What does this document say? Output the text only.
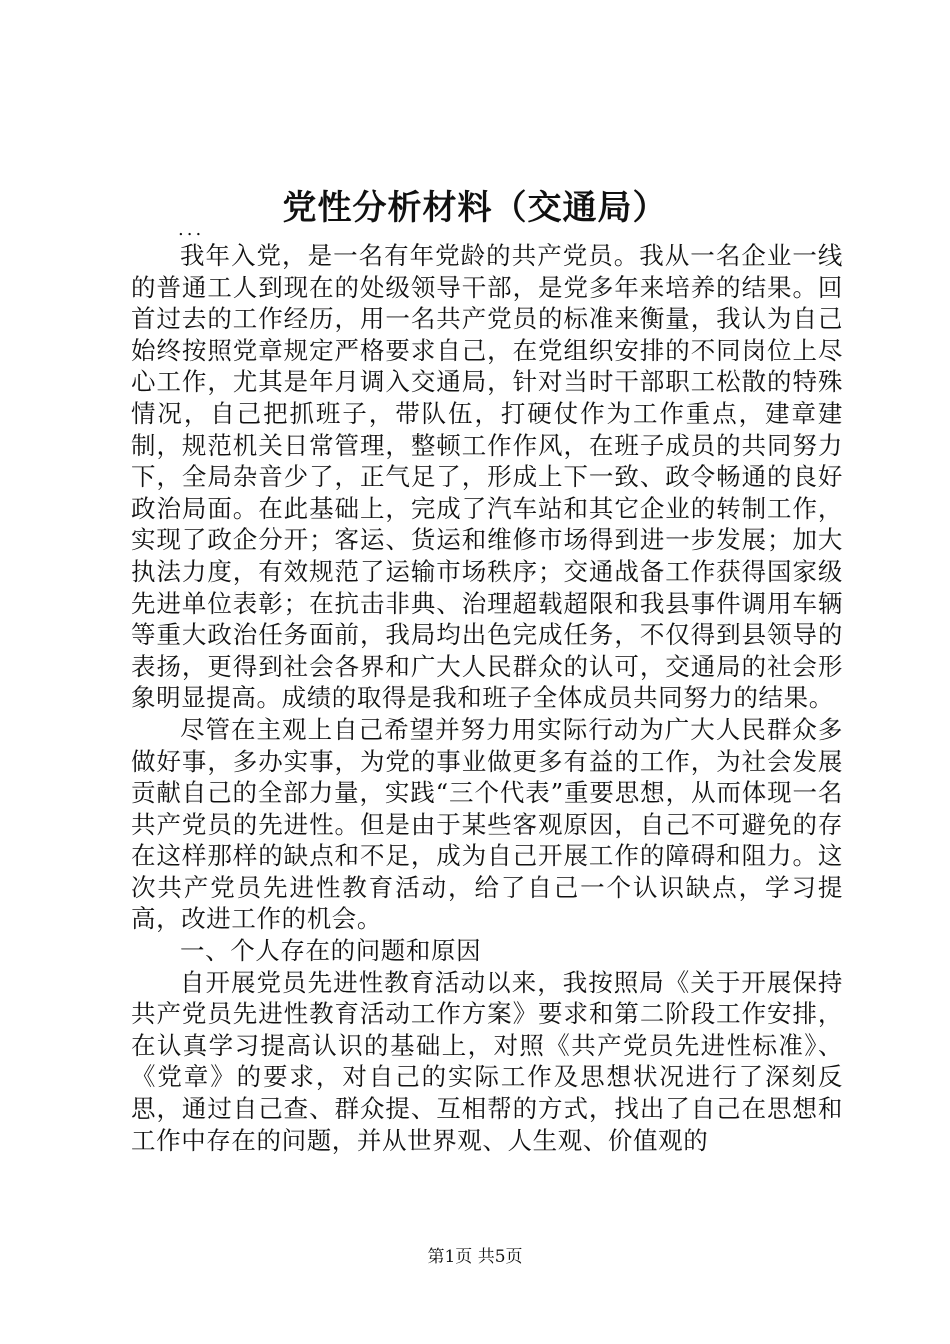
党性分析材料（交通局）
...

我年入党，是一名有年党龄的共产党员。我从一名企业一线的普通工人到现在的处级领导干部，是党多年来培养的结果。回首过去的工作经历，用一名共产党员的标准来衡量，我认为自己始终按照党章规定严格要求自己，在党组织安排的不同岗位上尽心工作，尤其是年月调入交通局，针对当时干部职工松散的特殊情况，自己把抓班子，带队伍，打硬仗作为工作重点，建章建制，规范机关日常管理，整顿工作作风，在班子成员的共同努力下，全局杂音少了，正气足了，形成上下一致、政令畅通的良好政治局面。在此基础上，完成了汽车站和其它企业的转制工作，实现了政企分开；客运、货运和维修市场得到进一步发展；加大执法力度，有效规范了运输市场秩序；交通战备工作获得国家级先进单位表彰；在抗击非典、治理超载超限和我县事件调用车辆等重大政治任务面前，我局均出色完成任务，不仅得到县领导的表扬，更得到社会各界和广大人民群众的认可，交通局的社会形象明显提高。成绩的取得是我和班子全体成员共同努力的结果。

尽管在主观上自己希望并努力用实际行动为广大人民群众多做好事，多办实事，为党的事业做更多有益的工作，为社会发展贡献自己的全部力量，实践“三个代表”重要思想，从而体现一名共产党员的先进性。但是由于某些客观原因，自己不可避免的存在这样那样的缺点和不足，成为自己开展工作的障碍和阻力。这次共产党员先进性教育活动，给了自己一个认识缺点，学习提高，改进工作的机会。

一、个人存在的问题和原因

自开展党员先进性教育活动以来，我按照局《关于开展保持共产党员先进性教育活动工作方案》要求和第二阶段工作安排，在认真学习提高认识的基础上，对照《共产党员先进性标准》、《党章》的要求，对自己的实际工作及思想状况进行了深刻反思，通过自己查、群众提、互相帮的方式，找出了自己在思想和工作中存在的问题，并从世界观、人生观、价值观的

第1页 共5页
